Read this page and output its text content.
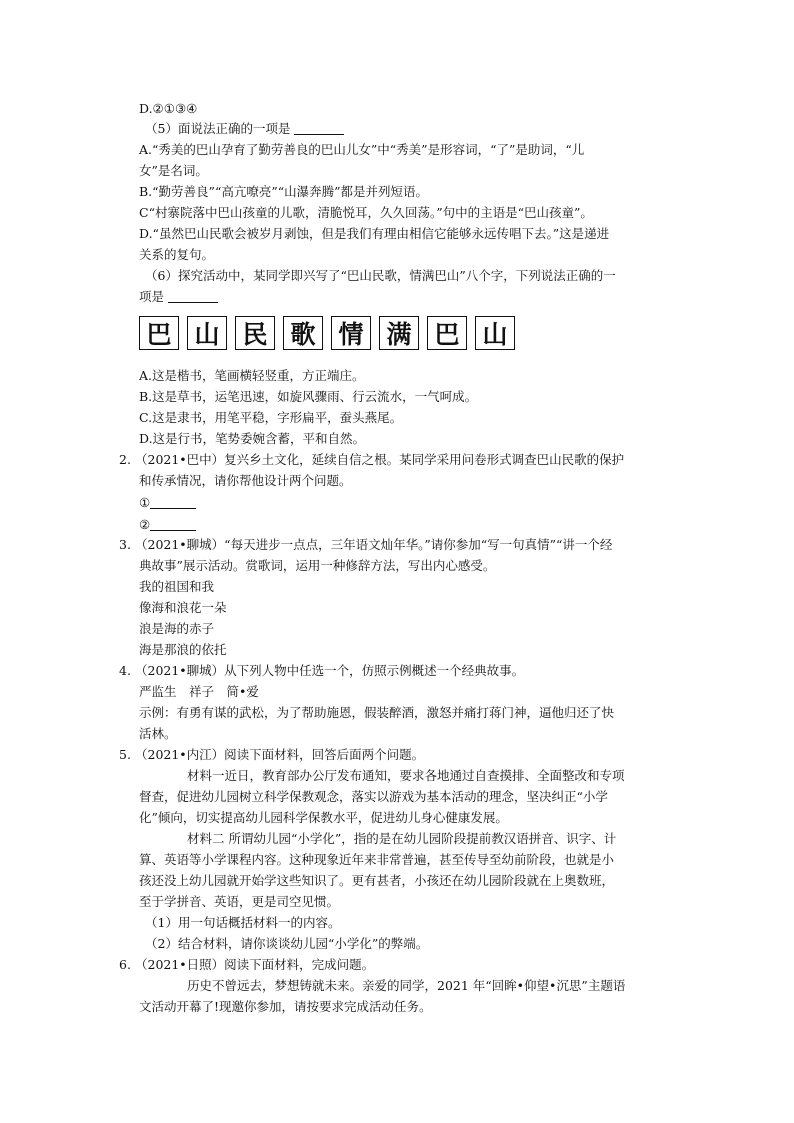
D.②①③④
（5）面说法正确的一项是
A.“秀美的巴山孕育了勤劳善良的巴山儿女”中“秀美”是形容词，“了”是助词，“儿
女”是名词。
B.“勤劳善良”“高亢嘹亮”“山瀑奔腾”都是并列短语。
C“村寨院落中巴山孩童的儿歌，清脆悦耳，久久回荡。”句中的主语是“巴山孩童”。
D.“虽然巴山民歌会被岁月剥蚀，但是我们有理由相信它能够永远传唱下去。”这是递进
关系的复句。
（6）探究活动中，某同学即兴写了“巴山民歌，情满巴山”八个字，下列说法正确的一
项是
巴 山 民 歌 情 满 巴 山
A.这是楷书，笔画横轻竖重，方正端庄。
B.这是草书，运笔迅速，如旋风骤雨、行云流水，一气呵成。
C.这是隶书，用笔平稳，字形扁平，蚕头燕尾。
D.这是行书，笔势委婉含蓄，平和自然。
2. （2021•巴中）复兴乡土文化，延续自信之根。某同学采用问卷形式调查巴山民歌的保护
和传承情况，请你帮他设计两个问题。
①
②
3. （2021•聊城）“每天进步一点点，三年语文灿年华。”请你参加“写一句真情”“讲一个经
典故事”展示活动。赏歌词，运用一种修辞方法，写出内心感受。
我的祖国和我
像海和浪花一朵
浪是海的赤子
海是那浪的依托
4. （2021•聊城）从下列人物中任选一个，仿照示例概述一个经典故事。
严监生　祥子　简•爱
示例：有勇有谋的武松，为了帮助施恩，假装醉酒，激怒并痛打蒋门神，逼他归还了快
活林。
5. （2021•内江）阅读下面材料，回答后面两个问题。
材料一近日，教育部办公厅发布通知，要求各地通过自查摸排、全面整改和专项
督查，促进幼儿园树立科学保教观念，落实以游戏为基本活动的理念，坚决纠正“小学
化”倾向，切实提高幼儿园科学保教水平，促进幼儿身心健康发展。
材料二 所谓幼儿园“小学化”，指的是在幼儿园阶段提前教汉语拼音、识字、计
算、英语等小学课程内容。这种现象近年来非常普遍，甚至传导至幼前阶段，也就是小
孩还没上幼儿园就开始学这些知识了。更有甚者，小孩还在幼儿园阶段就在上奥数班，
至于学拼音、英语，更是司空见惯。
（1）用一句话概括材料一的内容。
（2）结合材料，请你谈谈幼儿园“小学化”的弊端。
6. （2021•日照）阅读下面材料，完成问题。
历史不曾远去，梦想铸就未来。亲爱的同学，2021 年“回眸•仰望•沉思”主题语
文活动开幕了!现邀你参加，请按要求完成活动任务。
